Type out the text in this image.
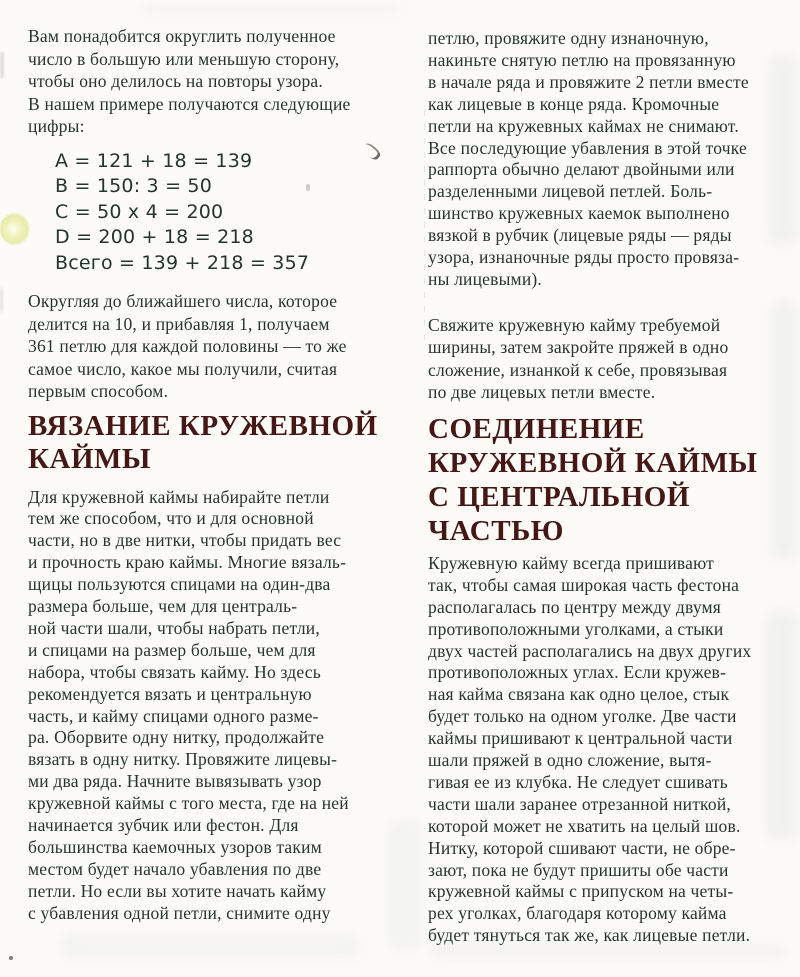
Вам понадобится округлить полученное
число в большую или меньшую сторону,
чтобы оно делилось на повторы узора.
В нашем примере получаются следующие
цифры:
A = 121 + 18 = 139
B = 150: 3 = 50
C = 50 x 4 = 200
D = 200 + 18 = 218
Всего = 139 + 218 = 357
Округляя до ближайшего числа, которое
делится на 10, и прибавляя 1, получаем
361 петлю для каждой половины — то же
самое число, какое мы получили, считая
первым способом.
ВЯЗАНИЕ КРУЖЕВНОЙ
КАЙМЫ
Для кружевной каймы набирайте петли
тем же способом, что и для основной
части, но в две нитки, чтобы придать вес
и прочность краю каймы. Многие вязаль-
щицы пользуются спицами на один-два
размера больше, чем для централь-
ной части шали, чтобы набрать петли,
и спицами на размер больше, чем для
набора, чтобы связать кайму. Но здесь
рекомендуется вязать и центральную
часть, и кайму спицами одного разме-
ра. Оборвите одну нитку, продолжайте
вязать в одну нитку. Провяжите лицевы-
ми два ряда. Начните вывязывать узор
кружевной каймы с того места, где на ней
начинается зубчик или фестон. Для
большинства каемочных узоров таким
местом будет начало убавления по две
петли. Но если вы хотите начать кайму
с убавления одной петли, снимите одну
петлю, провяжите одну изнаночную,
накиньте снятую петлю на провязанную
в начале ряда и провяжите 2 петли вместе
как лицевые в конце ряда. Кромочные
петли на кружевных каймах не снимают.
Все последующие убавления в этой точке
раппорта обычно делают двойными или
разделенными лицевой петлей. Боль-
шинство кружевных каемок выполнено
вязкой в рубчик (лицевые ряды — ряды
узора, изнаночные ряды просто провяза-
ны лицевыми).
Свяжите кружевную кайму требуемой
ширины, затем закройте пряжей в одно
сложение, изнанкой к себе, провязывая
по две лицевых петли вместе.
СОЕДИНЕНИЕ
КРУЖЕВНОЙ КАЙМЫ
С ЦЕНТРАЛЬНОЙ
ЧАСТЬЮ
Кружевную кайму всегда пришивают
так, чтобы самая широкая часть фестона
располагалась по центру между двумя
противоположными уголками, а стыки
двух частей располагались на двух других
противоположных углах. Если кружев-
ная кайма связана как одно целое, стык
будет только на одном уголке. Две части
каймы пришивают к центральной части
шали пряжей в одно сложение, вытя-
гивая ее из клубка. Не следует сшивать
части шали заранее отрезанной ниткой,
которой может не хватить на целый шов.
Нитку, которой сшивают части, не обре-
зают, пока не будут пришиты обе части
кружевной каймы с припуском на четы-
рех уголках, благодаря которому кайма
будет тянуться так же, как лицевые петли.
